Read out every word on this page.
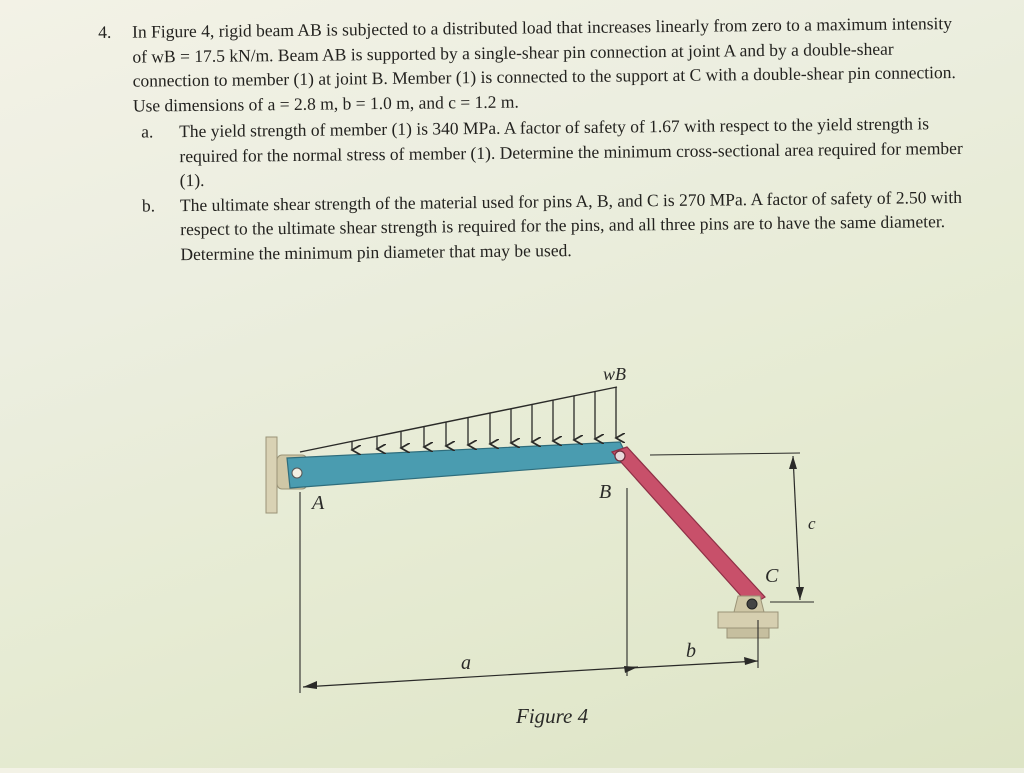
4.	In Figure 4, rigid beam AB is subjected to a distributed load that increases linearly from zero to a maximum intensity of wB = 17.5 kN/m. Beam AB is supported by a single-shear pin connection at joint A and by a double-shear connection to member (1) at joint B. Member (1) is connected to the support at C with a double-shear pin connection. Use dimensions of a = 2.8 m, b = 1.0 m, and c = 1.2 m.
a.	The yield strength of member (1) is 340 MPa. A factor of safety of 1.67 with respect to the yield strength is required for the normal stress of member (1). Determine the minimum cross-sectional area required for member (1).
b.	The ultimate shear strength of the material used for pins A, B, and C is 270 MPa. A factor of safety of 2.50 with respect to the ultimate shear strength is required for the pins, and all three pins are to have the same diameter. Determine the minimum pin diameter that may be used.
wB
A	B
C
a
b
c
Figure 4
